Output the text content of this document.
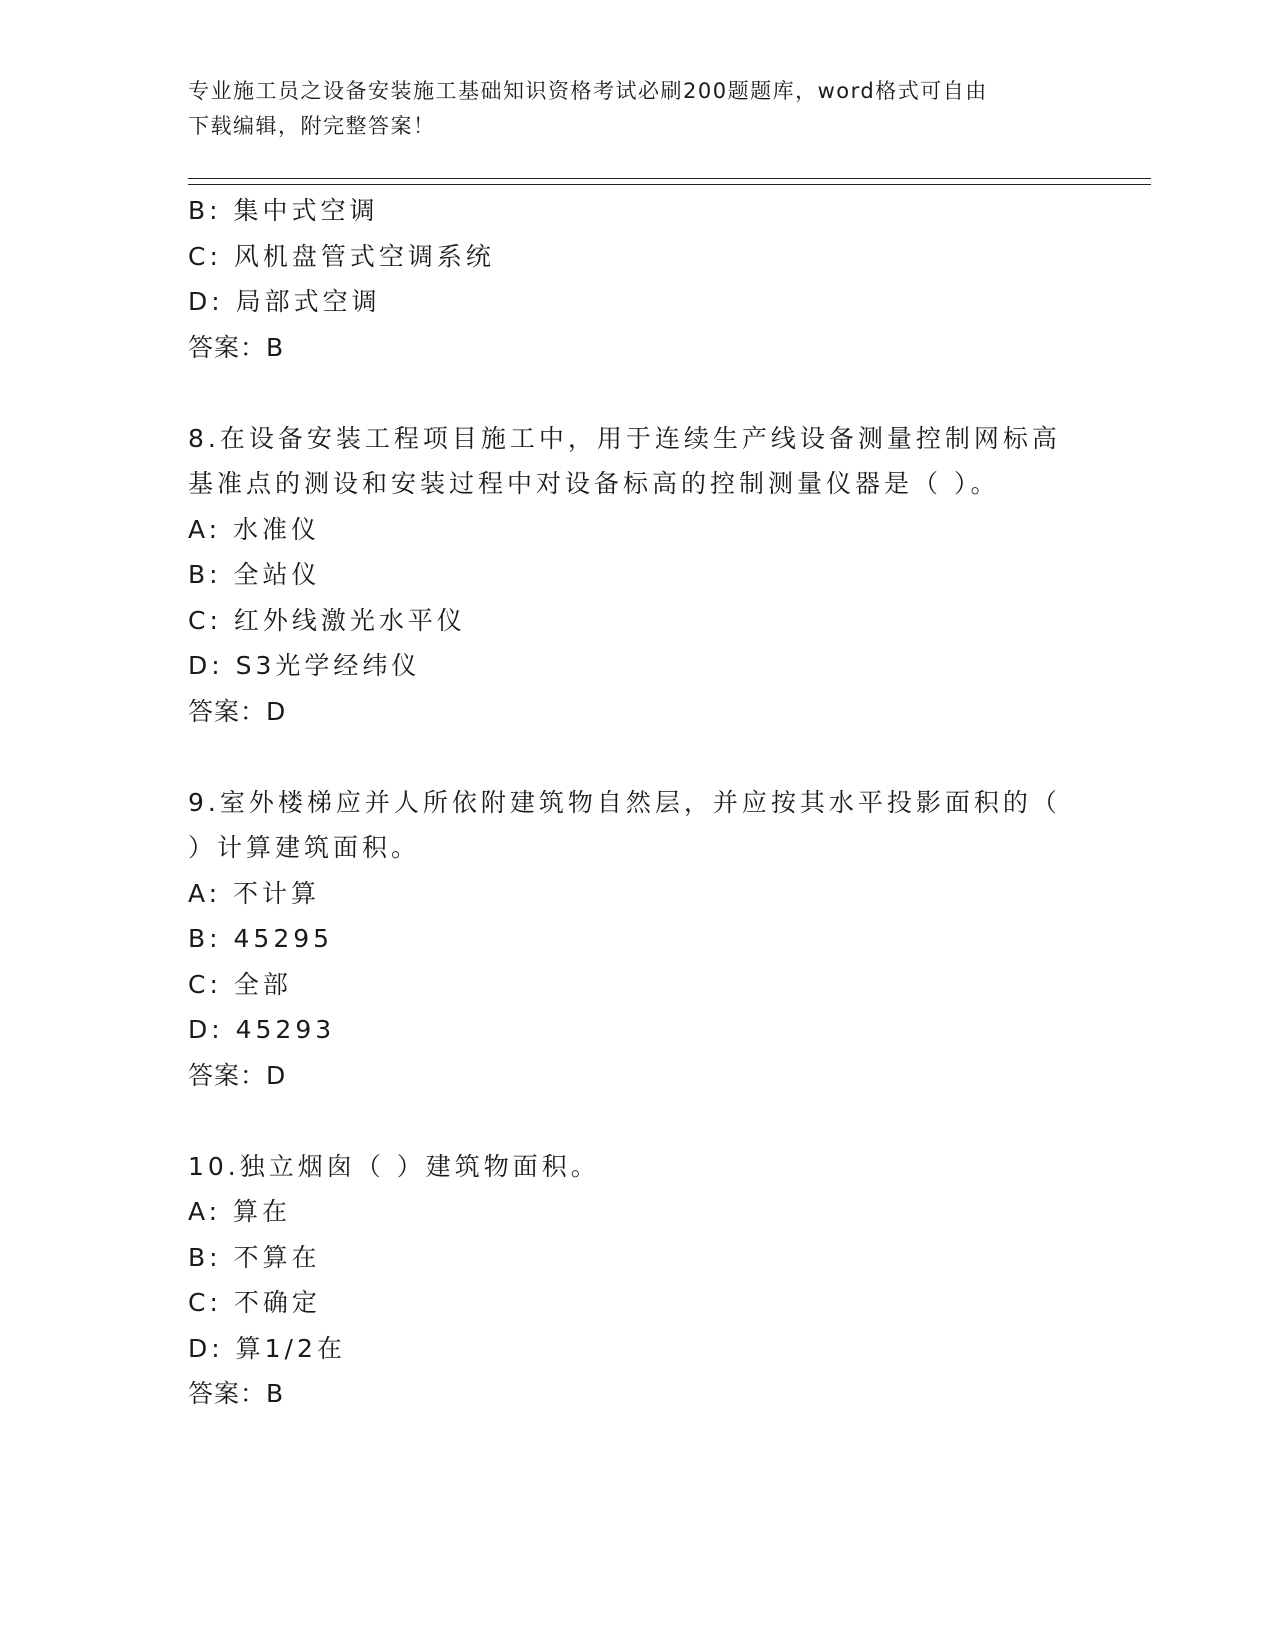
专业施工员之设备安装施工基础知识资格考试必刷200题题库，word格式可自由
下载编辑，附完整答案！
B: 集中式空调
C: 风机盘管式空调系统
D: 局部式空调
答案：B
8.在设备安装工程项目施工中，用于连续生产线设备测量控制网标高
基准点的测设和安装过程中对设备标高的控制测量仪器是（ ）。
A: 水准仪
B: 全站仪
C: 红外线激光水平仪
D: S3光学经纬仪
答案：D
9.室外楼梯应并人所依附建筑物自然层，并应按其水平投影面积的（
）计算建筑面积。
A: 不计算
B: 45295
C: 全部
D: 45293
答案：D
10.独立烟囱（ ）建筑物面积。
A: 算在
B: 不算在
C: 不确定
D: 算1/2在
答案：B
